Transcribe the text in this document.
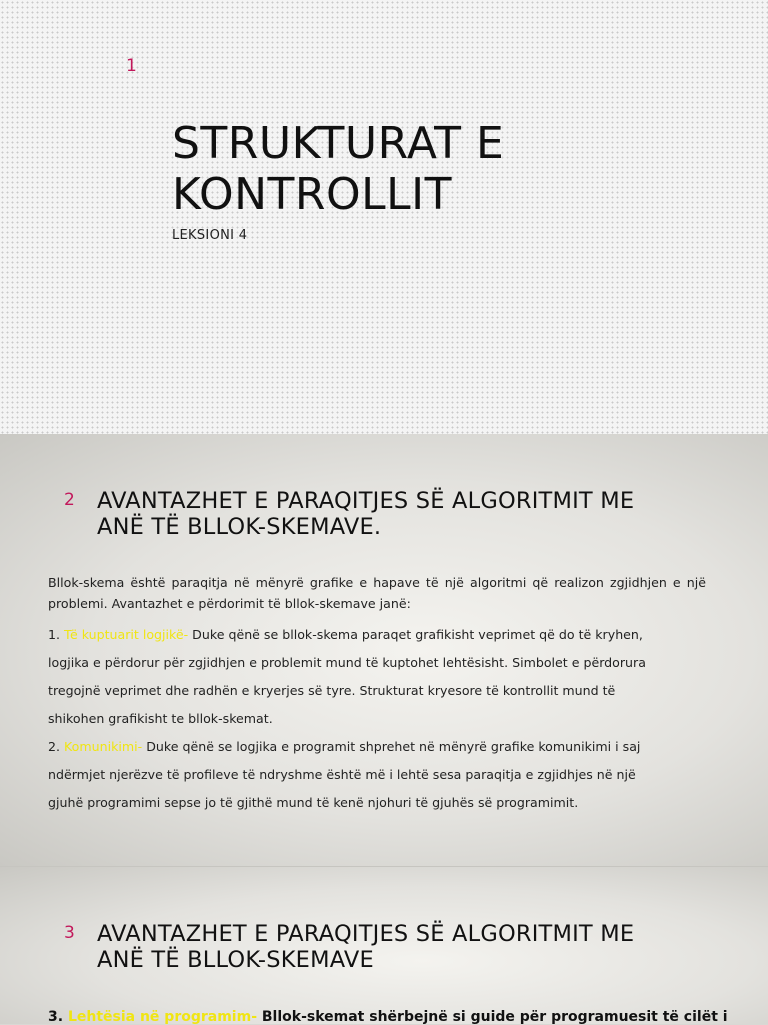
1
STRUKTURAT E
KONTROLLIT
LEKSIONI 4
2 AVANTAZHET E PARAQITJES SË ALGORITMIT ME
ANË TË BLLOK-SKEMAVE.

Bllok-skema është paraqitja në mënyrë grafike e hapave të një algoritmi që realizon zgjidhjen e një problemi. Avantazhet e përdorimit të bllok-skemave janë:

1. Të kuptuarit logjikë- Duke qënë se bllok-skema paraqet grafikisht veprimet që do të kryhen,

logjika e përdorur për zgjidhjen e problemit mund të kuptohet lehtësisht. Simbolet e përdorura

tregojnë veprimet dhe radhën e kryerjes së tyre. Strukturat kryesore të kontrollit mund të

shikohen grafikisht te bllok-skemat.

2. Komunikimi- Duke qënë se logjika e programit shprehet në mënyrë grafike komunikimi i saj

ndërmjet njerëzve të profileve të ndryshme është më i lehtë sesa paraqitja e zgjidhjes në një

gjuhë programimi sepse jo të gjithë mund të kenë njohuri të gjuhës së programimit.

3 AVANTAZHET E PARAQITJES SË ALGORITMIT ME
ANË TË BLLOK-SKEMAVE
3. Lehtësia në programim- Bllok-skemat shërbejnë si guide për programuesit të cilët i
